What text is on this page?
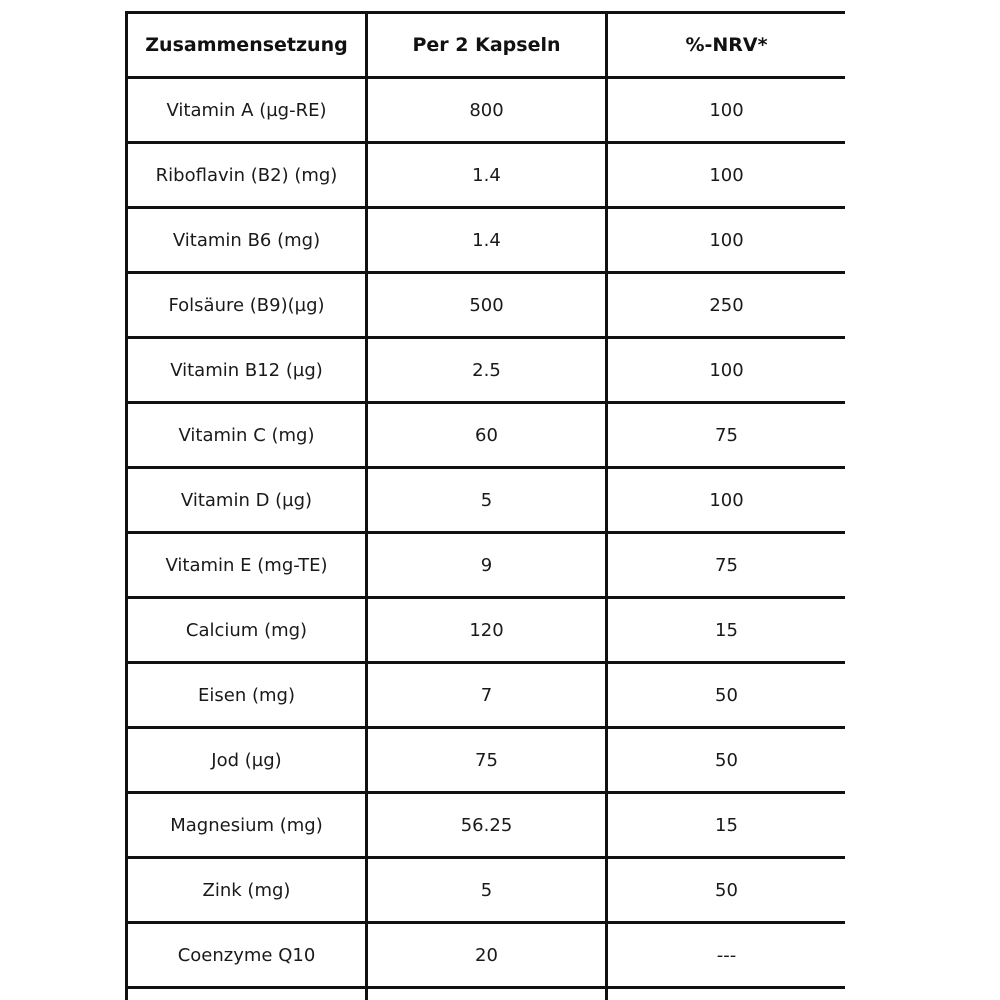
Zusammensetzung	Per 2 Kapseln	%-NRV*
Vitamin A (µg-RE)	800	100
Riboflavin (B2) (mg)	1.4	100
Vitamin B6 (mg)	1.4	100
Folsäure (B9)(µg)	500	250
Vitamin B12 (µg)	2.5	100
Vitamin C (mg)	60	75
Vitamin D (µg)	5	100
Vitamin E (mg-TE)	9	75
Calcium (mg)	120	15
Eisen (mg)	7	50
Jod (µg)	75	50
Magnesium (mg)	56.25	15
Zink (mg)	5	50
Coenzyme Q10	20	---
